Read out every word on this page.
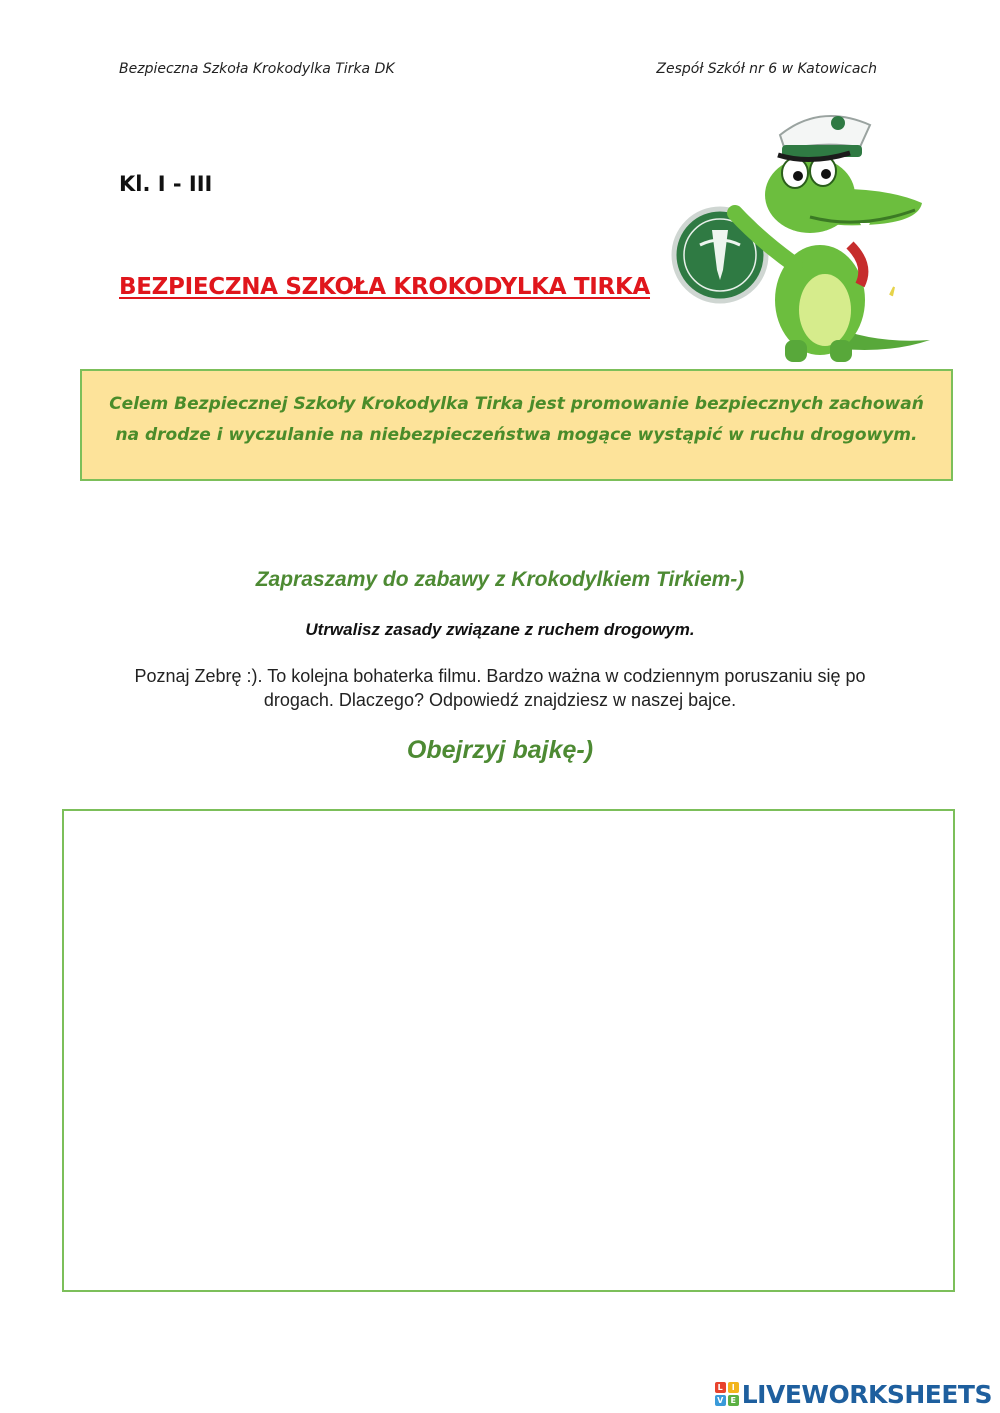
Bezpieczna Szkoła Krokodylka Tirka DK	Zespół Szkół nr 6 w Katowicach
Kl. I - III
BEZPIECZNA SZKOŁA KROKODYLKA TIRKA
Celem Bezpiecznej Szkoły Krokodylka Tirka jest promowanie bezpiecznych zachowań na drodze i wyczulanie na niebezpieczeństwa mogące wystąpić w ruchu drogowym.
Zapraszamy do zabawy z Krokodylkiem Tirkiem-)
Utrwalisz zasady związane z ruchem drogowym.
Poznaj Zebrę :). To kolejna bohaterka filmu. Bardzo ważna w codziennym poruszaniu się po drogach. Dlaczego? Odpowiedź znajdziesz w naszej bajce.
Obejrzyj bajkę-)
L	I
V E LIVEWORKSHEETS
